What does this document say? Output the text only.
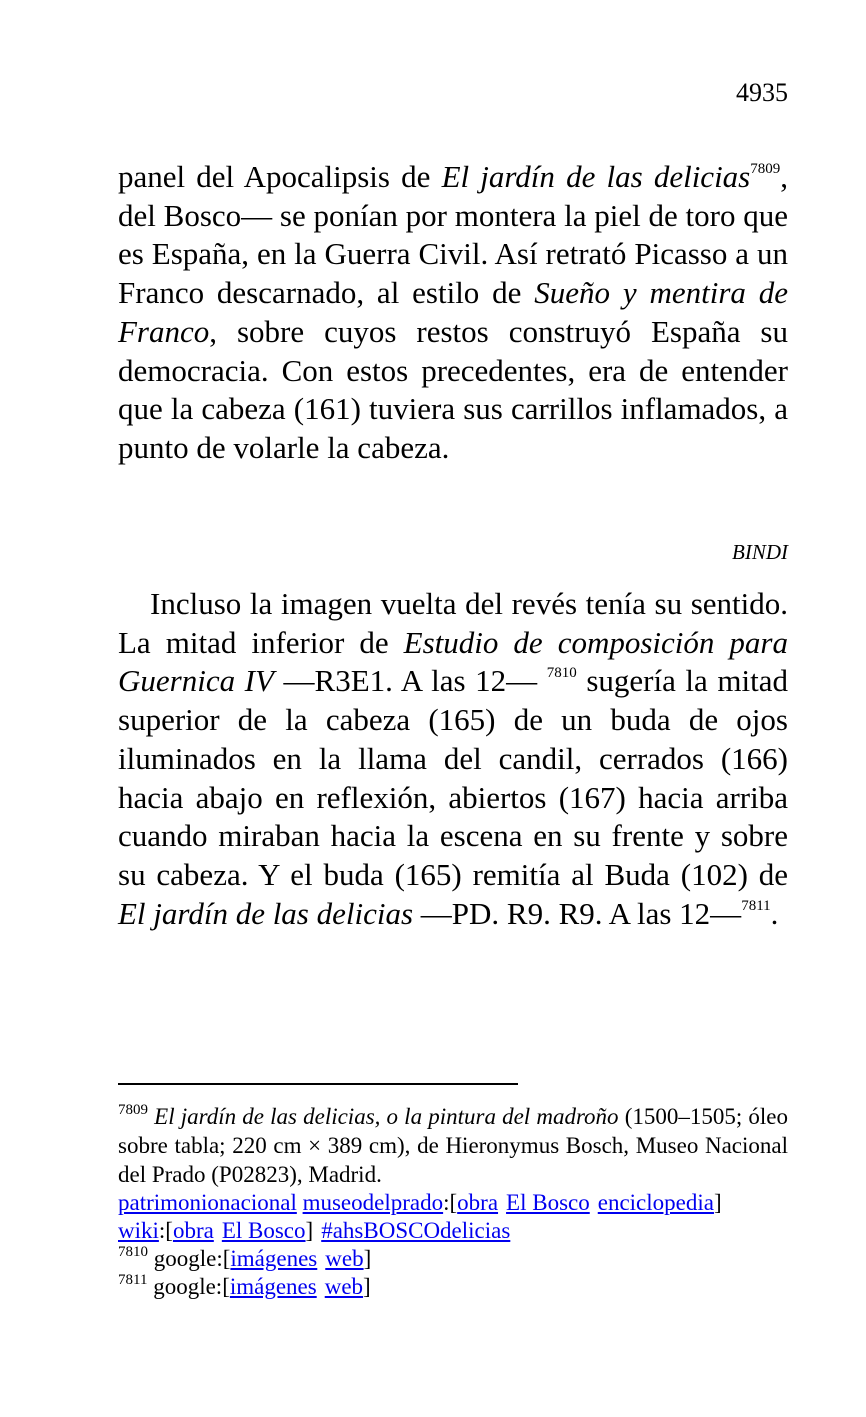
4935
panel del Apocalipsis de El jardín de las delicias$^{7809}$, del Bosco― se ponían por montera la piel de toro que es España, en la Guerra Civil. Así retrató Picasso a un Franco descarnado, al estilo de Sueño y mentira de Franco, sobre cuyos restos construyó España su democracia. Con estos precedentes, era de entender que la cabeza (161) tuviera sus carrillos inflamados, a punto de volarle la cabeza.
BINDI
Incluso la imagen vuelta del revés tenía su sentido. La mitad inferior de Estudio de composición para Guernica IV ―R3E1. A las 12― $^{7810}$ sugería la mitad superior de la cabeza (165) de un buda de ojos iluminados en la llama del candil, cerrados (166) hacia abajo en reflexión, abiertos (167) hacia arriba cuando miraban hacia la escena en su frente y sobre su cabeza. Y el buda (165) remitía al Buda (102) de El jardín de las delicias ―PD. R9. R9. A las 12―$^{7811}$.

$^{7809}$ El jardín de las delicias, o la pintura del madroño (1500–1505; óleo sobre tabla; 220 cm × 389 cm), de Hieronymus Bosch, Museo Nacional del Prado (P02823), Madrid.

patrimonionacional museodelprado:[obra El Bosco enciclopedia]
wiki:[obra El Bosco] #ahsBOSCOdelicias

$^{7810}$ google:[imágenes web]

$^{7811}$ google:[imágenes web]
